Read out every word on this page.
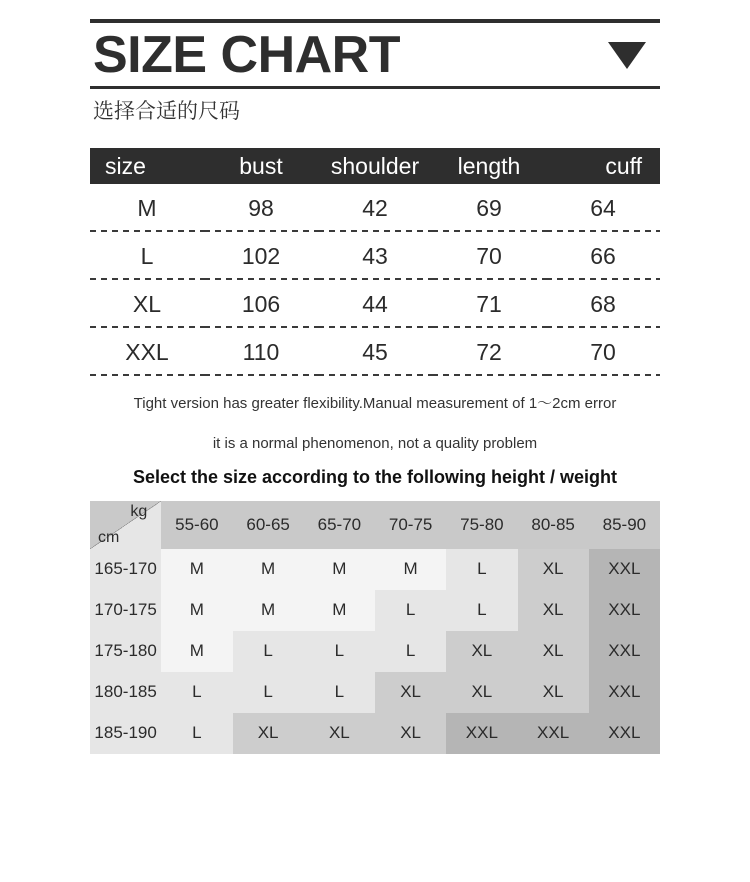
SIZE CHART
选择合适的尺码
size	bust	shoulder	length	cuff
M	98	42	69	64
L	102	43	70	66
XL	106	44	71	68
XXL	110	45	72	70
Tight version has greater flexibility.Manual measurement of 1～2cm error
it is a normal phenomenon, not a quality problem
Select the size according to the following height / weight
kg
cm	55-60	60-65	65-70	70-75	75-80	80-85	85-90
165-170	M	M	M	M	L	XL	XXL
170-175	M	M	M	L	L	XL	XXL
175-180	M	L	L	L	XL	XL	XXL
180-185	L	L	L	XL	XL	XL	XXL
185-190	L	XL	XL	XL	XXL	XXL	XXL
